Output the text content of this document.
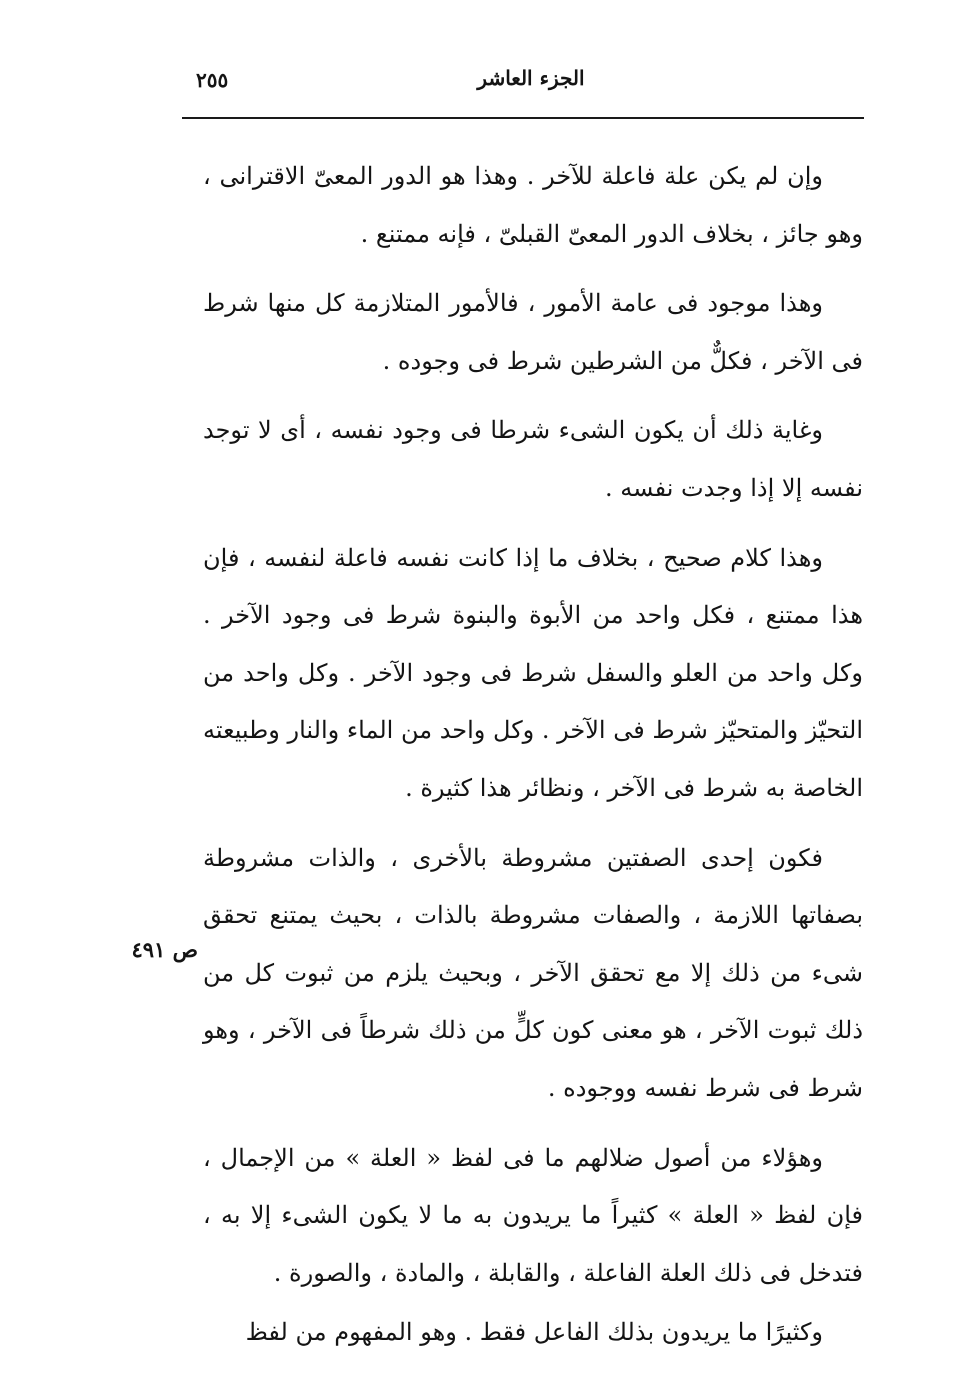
الجزء العاشر
٢٥٥

وإن لم يكن علة فاعلة للآخر . وهذا هو الدور المعىّ الاقترانى ، وهو جائز ، بخلاف الدور المعىّ القبلىّ ، فإنه ممتنع .

وهذا موجود فى عامة الأمور ، فالأمور المتلازمة كل منها شرط فى الآخر ، فكلٌّ من الشرطين شرط فى وجوده .

وغاية ذلك أن يكون الشىء شرطا فى وجود نفسه ، أى لا توجد نفسه إلا إذا وجدت نفسه .

وهذا كلام صحيح ، بخلاف ما إذا كانت نفسه فاعلة لنفسه ، فإن هذا ممتنع ، فكل واحد من الأبوة والبنوة شرط فى وجود الآخر . وكل واحد من العلو والسفل شرط فى وجود الآخر . وكل واحد من التحيّز والمتحيّز شرط فى الآخر . وكل واحد من الماء والنار وطبيعته الخاصة به شرط فى الآخر ، ونظائر هذا كثيرة .

فكون إحدى الصفتين مشروطة بالأخرى ، والذات مشروطة بصفاتها اللازمة ، والصفات مشروطة بالذات ، بحيث يمتنع تحقق شىء من ذلك إلا مع تحقق الآخر ، وبحيث يلزم من ثبوت كل من ذلك ثبوت الآخر ، هو معنى كون كلٍّ من ذلك شرطاً فى الآخر ، وهو شرط فى شرط نفسه ووجوده .

وهؤلاء من أصول ضلالهم ما فى لفظ « العلة » من الإجمال ، فإن لفظ « العلة » كثيراً ما يريدون به ما لا يكون الشىء إلا به ، فتدخل فى ذلك العلة الفاعلة ، والقابلة ، والمادة ، والصورة .

وكثيرًا ما يريدون بذلك الفاعل فقط . وهو المفهوم من لفظ

ص ٤٩١
